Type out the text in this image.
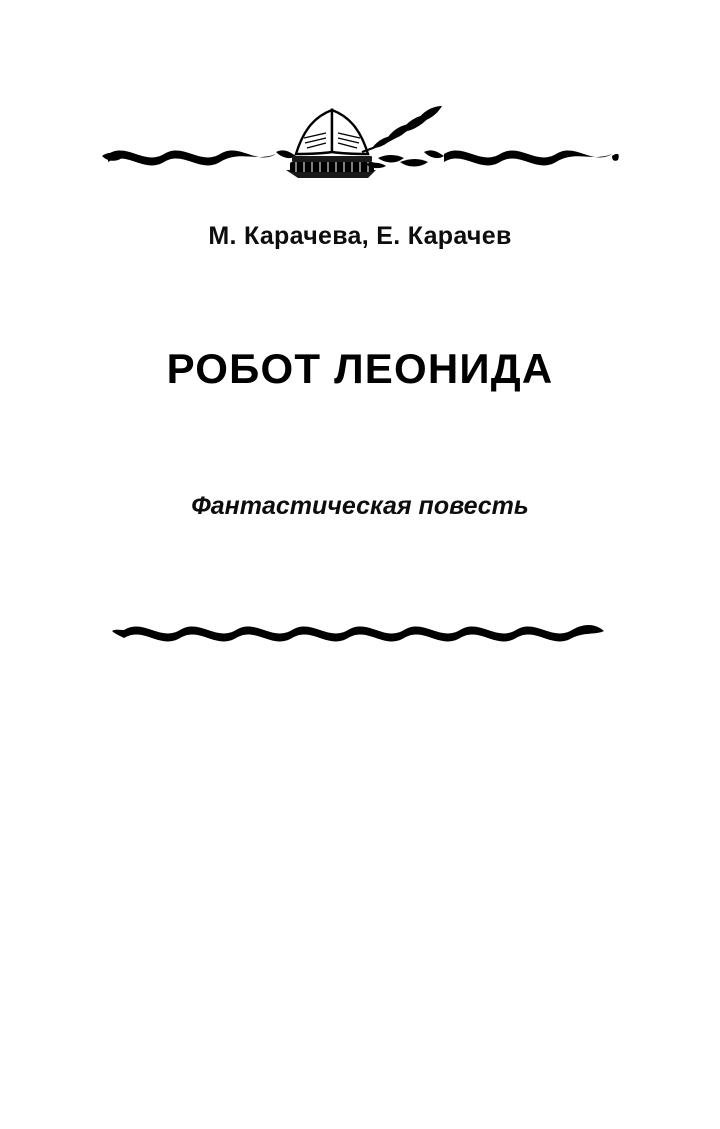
М. Карачева, Е. Карачев
РОБОТ ЛЕОНИДА
Фантастическая повесть
